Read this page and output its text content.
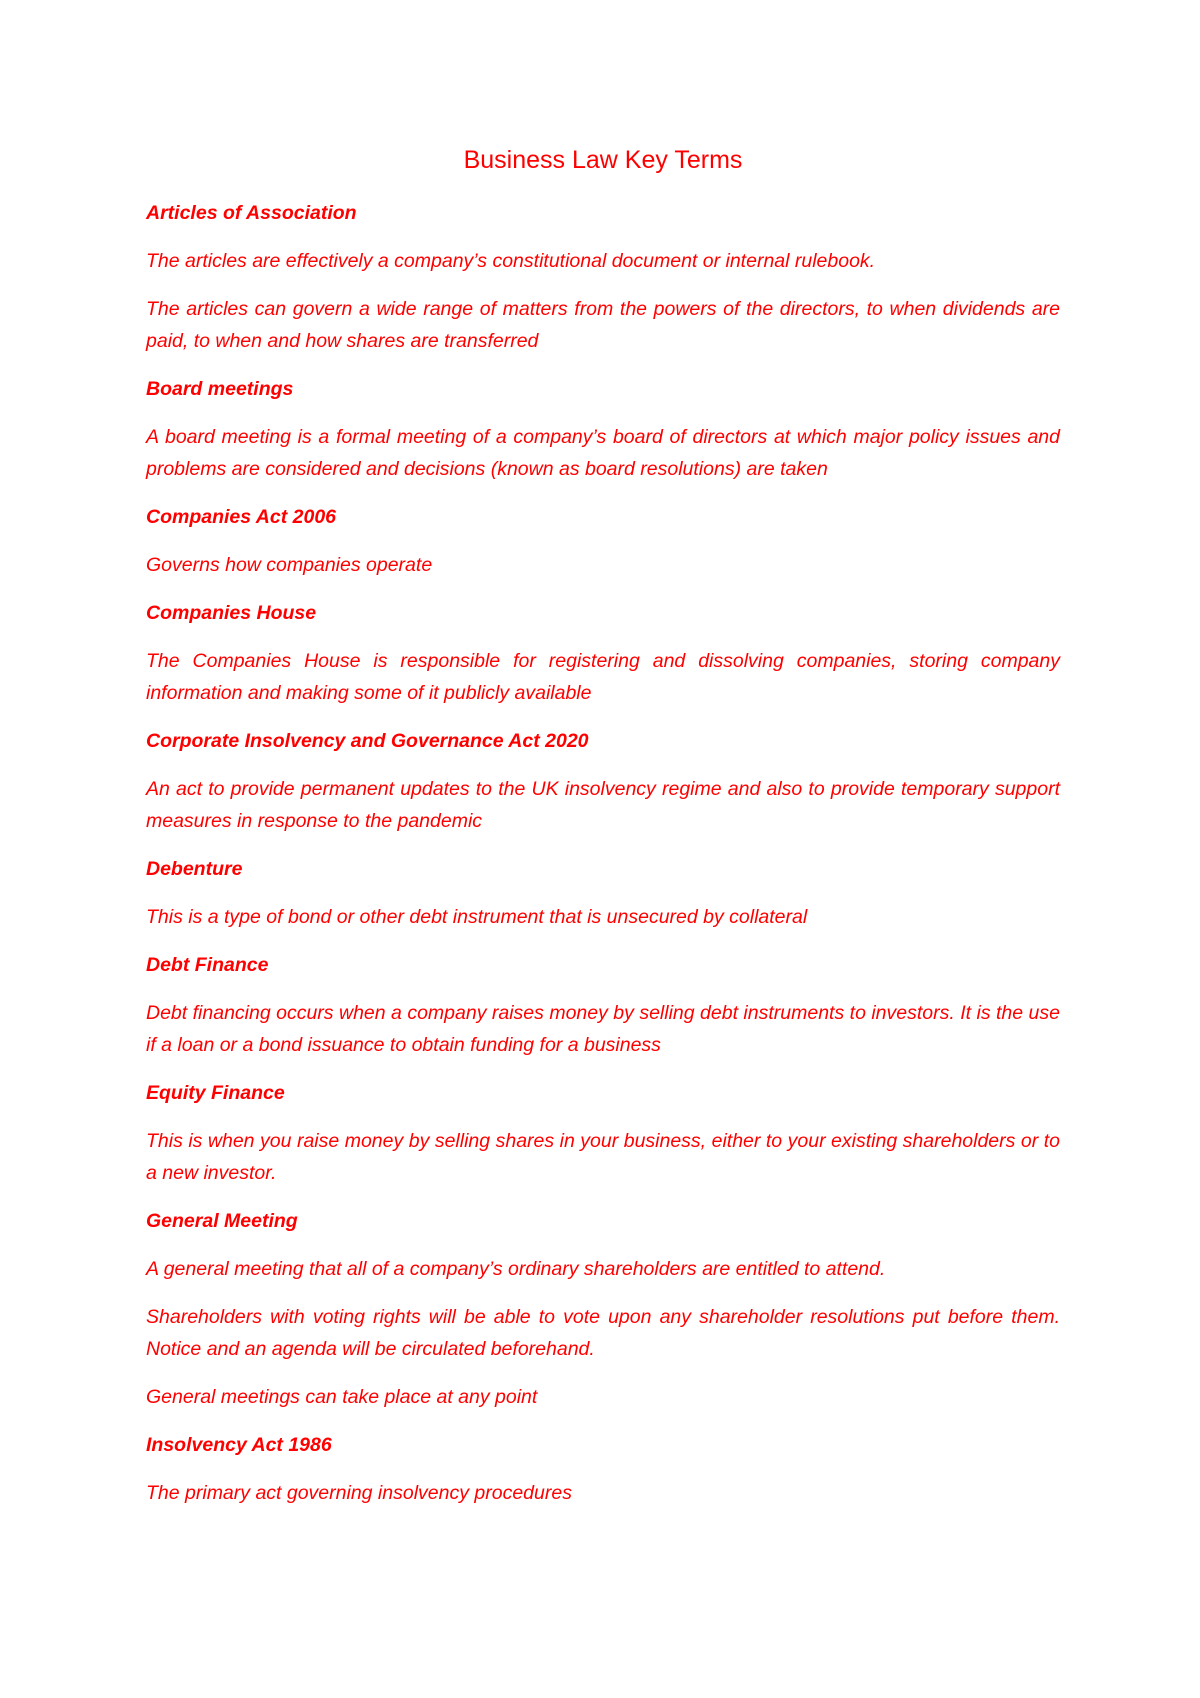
Business Law Key Terms

Articles of Association

The articles are effectively a company’s constitutional document or internal rulebook.

The articles can govern a wide range of matters from the powers of the directors, to when dividends are paid, to when and how shares are transferred

Board meetings

A board meeting is a formal meeting of a company’s board of directors at which major policy issues and problems are considered and decisions (known as board resolutions) are taken

Companies Act 2006

Governs how companies operate

Companies House

The Companies House is responsible for registering and dissolving companies, storing company information and making some of it publicly available

Corporate Insolvency and Governance Act 2020

An act to provide permanent updates to the UK insolvency regime and also to provide temporary support measures in response to the pandemic

Debenture

This is a type of bond or other debt instrument that is unsecured by collateral

Debt Finance

Debt financing occurs when a company raises money by selling debt instruments to investors. It is the use if a loan or a bond issuance to obtain funding for a business

Equity Finance

This is when you raise money by selling shares in your business, either to your existing shareholders or to a new investor.

General Meeting

A general meeting that all of a company’s ordinary shareholders are entitled to attend.

Shareholders with voting rights will be able to vote upon any shareholder resolutions put before them. Notice and an agenda will be circulated beforehand.

General meetings can take place at any point

Insolvency Act 1986

The primary act governing insolvency procedures
